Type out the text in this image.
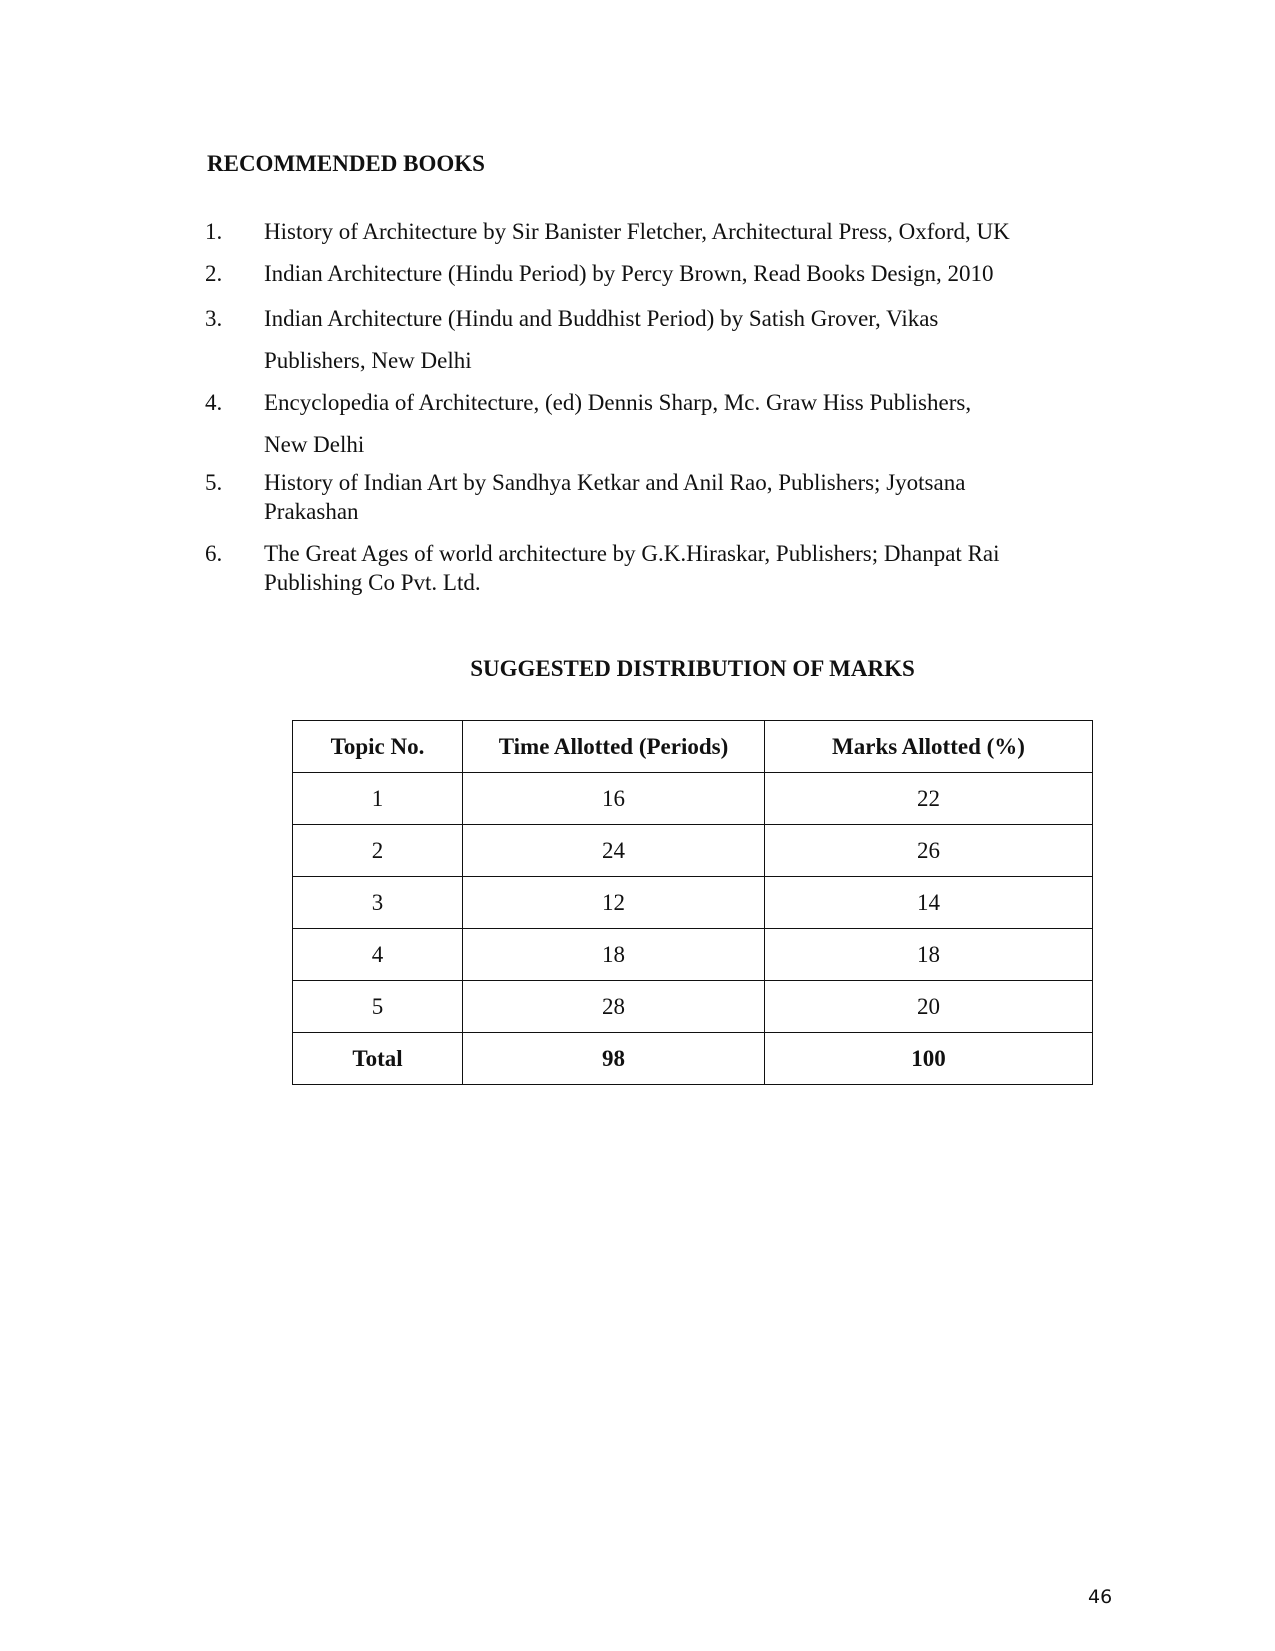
RECOMMENDED BOOKS
1. History of Architecture by Sir Banister Fletcher, Architectural Press, Oxford, UK
2. Indian Architecture (Hindu Period) by Percy Brown, Read Books Design, 2010
3. Indian Architecture (Hindu and Buddhist Period) by Satish Grover, Vikas
Publishers, New Delhi
4. Encyclopedia of Architecture, (ed) Dennis Sharp, Mc. Graw Hiss Publishers,
New Delhi
5. History of Indian Art by Sandhya Ketkar and Anil Rao, Publishers; Jyotsana
Prakashan
6. The Great Ages of world architecture by G.K.Hiraskar, Publishers; Dhanpat Rai
Publishing Co Pvt. Ltd.
SUGGESTED DISTRIBUTION OF MARKS
Topic No.	Time Allotted (Periods)	Marks Allotted (%)
1	16	22
2	24	26
3	12	14
4	18	18
5	28	20
Total	98	100
46
